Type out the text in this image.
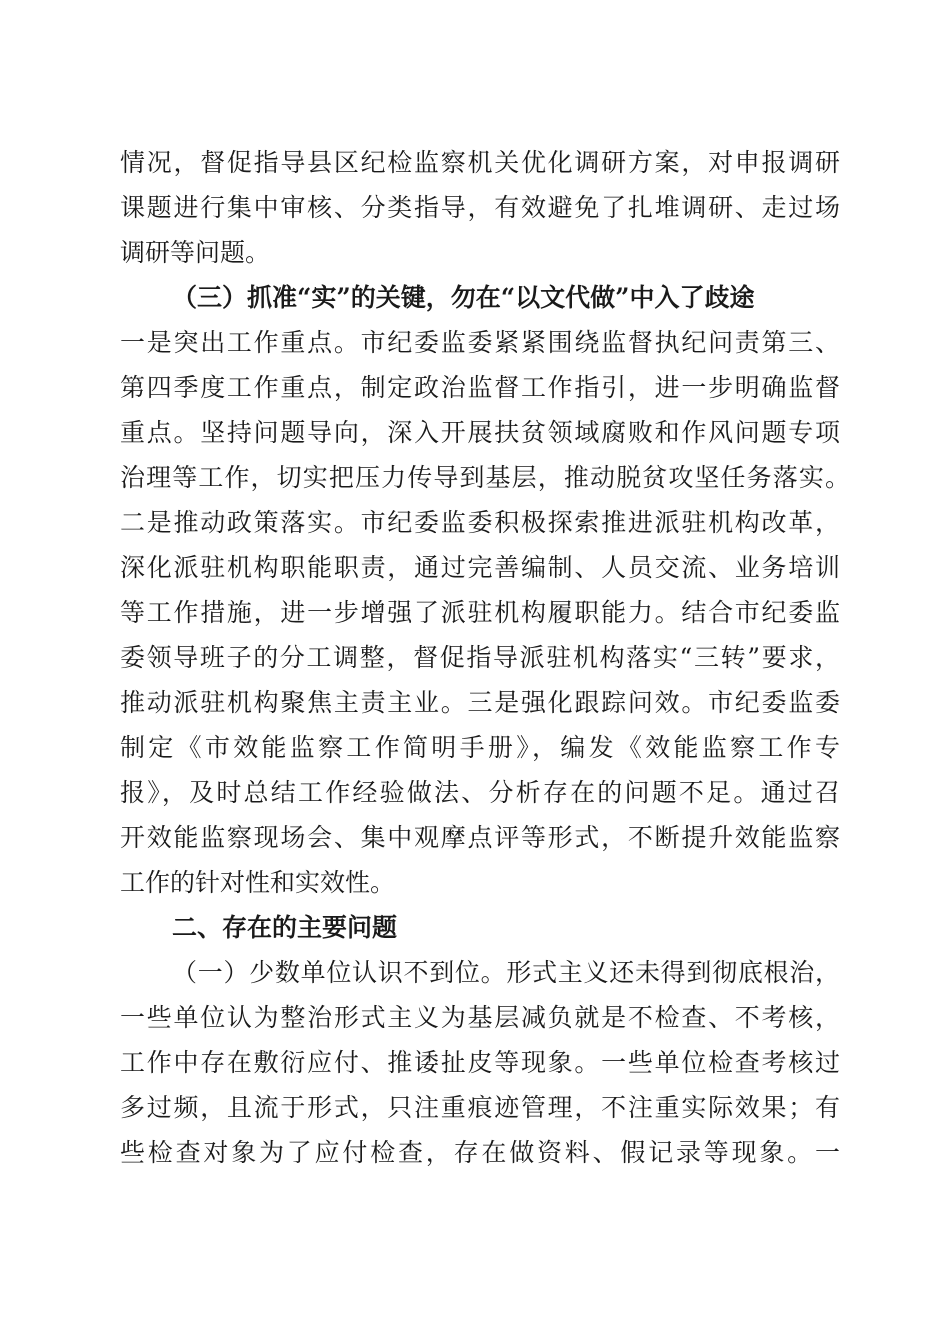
情况，督促指导县区纪检监察机关优化调研方案，对申报调研
课题进行集中审核、分类指导，有效避免了扎堆调研、走过场
调研等问题。
（三）抓准“实”的关键，勿在“以文代做”中入了歧途
一是突出工作重点。市纪委监委紧紧围绕监督执纪问责第三、
第四季度工作重点，制定政治监督工作指引，进一步明确监督
重点。坚持问题导向，深入开展扶贫领域腐败和作风问题专项
治理等工作，切实把压力传导到基层，推动脱贫攻坚任务落实。
二是推动政策落实。市纪委监委积极探索推进派驻机构改革，
深化派驻机构职能职责，通过完善编制、人员交流、业务培训
等工作措施，进一步增强了派驻机构履职能力。结合市纪委监
委领导班子的分工调整，督促指导派驻机构落实“三转”要求，
推动派驻机构聚焦主责主业。三是强化跟踪问效。市纪委监委
制定《市效能监察工作简明手册》，编发《效能监察工作专
报》，及时总结工作经验做法、分析存在的问题不足。通过召
开效能监察现场会、集中观摩点评等形式，不断提升效能监察
工作的针对性和实效性。
二、存在的主要问题
（一）少数单位认识不到位。形式主义还未得到彻底根治，
一些单位认为整治形式主义为基层减负就是不检查、不考核，
工作中存在敷衍应付、推诿扯皮等现象。一些单位检查考核过
多过频，且流于形式，只注重痕迹管理，不注重实际效果；有
些检查对象为了应付检查，存在做资料、假记录等现象。一
